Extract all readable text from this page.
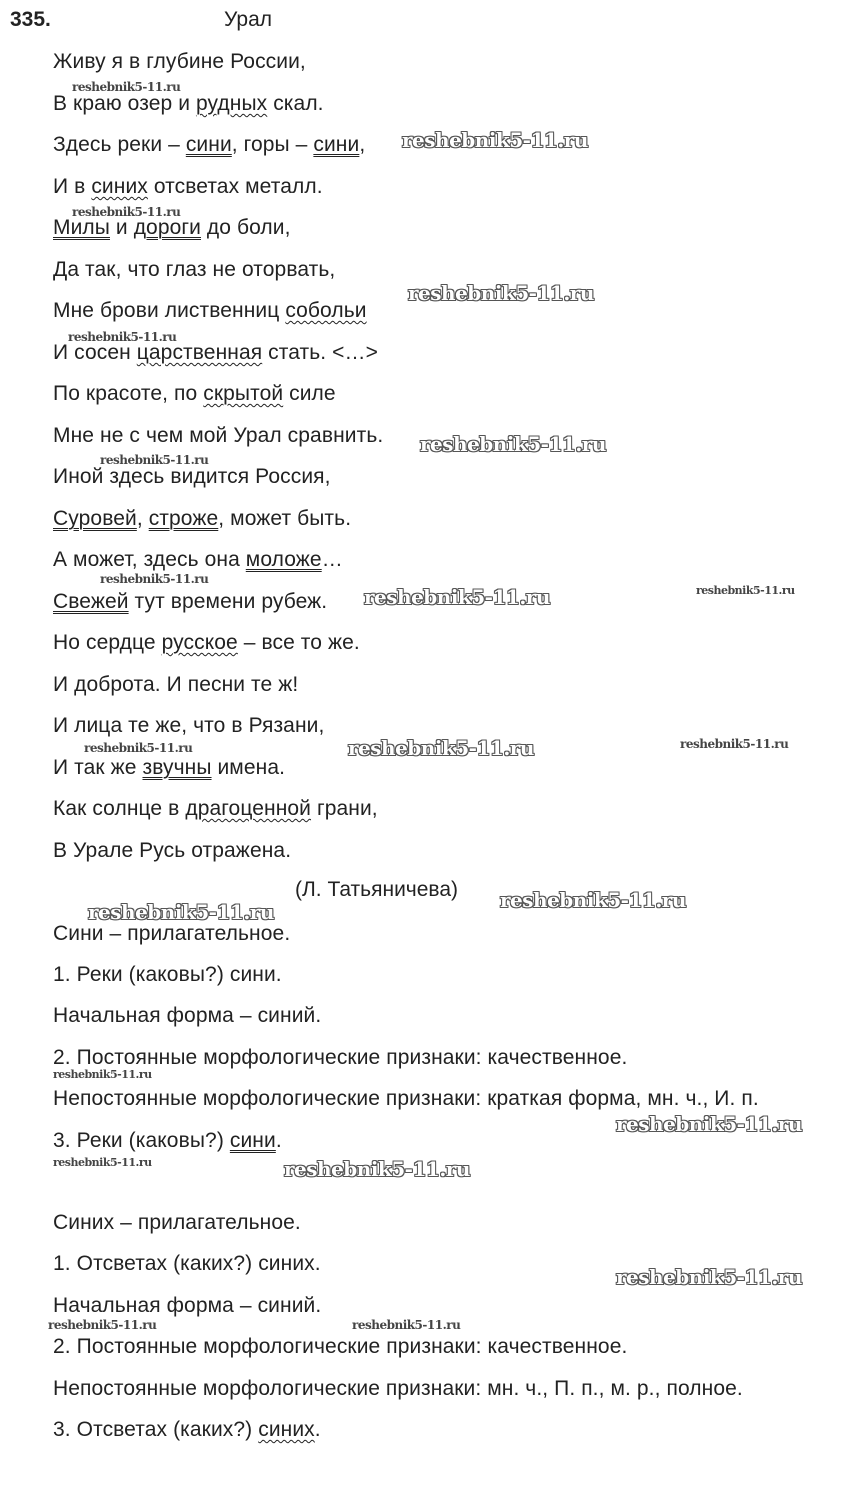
335.	Урал
Живу я в глубине России,
В краю озер и рудных скал.
Здесь реки – сини, горы – сини,
И в синих отсветах металл.
Милы и дороги до боли,
Да так, что глаз не оторвать,
Мне брови лиственниц собольи
И сосен царственная стать. <…>
По красоте, по скрытой силе
Мне не с чем мой Урал сравнить.
Иной здесь видится Россия,
Суровей, строже, может быть.
А может, здесь она моложе…
Свежей тут времени рубеж.
Но сердце русское – все то же.
И доброта. И песни те ж!
И лица те же, что в Рязани,
И так же звучны имена.
Как солнце в драгоценной грани,
В Урале Русь отражена.
(Л. Татьяничева)
Сини – прилагательное.
1. Реки (каковы?) сини.
Начальная форма – синий.
2. Постоянные морфологические признаки: качественное.
Непостоянные морфологические признаки: краткая форма, мн. ч., И. п.
3. Реки (каковы?) сини.
Синих – прилагательное.
1. Отсветах (каких?) синих.
Начальная форма – синий.
2. Постоянные морфологические признаки: качественное.
Непостоянные морфологические признаки: мн. ч., П. п., м. р., полное.
3. Отсветах (каких?) синих.
reshebnik5-11.ru
reshebnik5-11.ru
reshebnik5-11.ru
reshebnik5-11.ru
reshebnik5-11.ru
reshebnik5-11.ru
reshebnik5-11.ru
reshebnik5-11.ru
reshebnik5-11.ru	reshebnik5-11.ru
reshebnik5-11.ru	reshebnik5-11.ru	reshebnik5-11.ru
reshebnik5-11.ru	reshebnik5-11.ru
reshebnik5-11.ru
reshebnik5-11.ru
reshebnik5-11.ru	reshebnik5-11.ru
reshebnik5-11.ru
reshebnik5-11.ru	reshebnik5-11.ru
